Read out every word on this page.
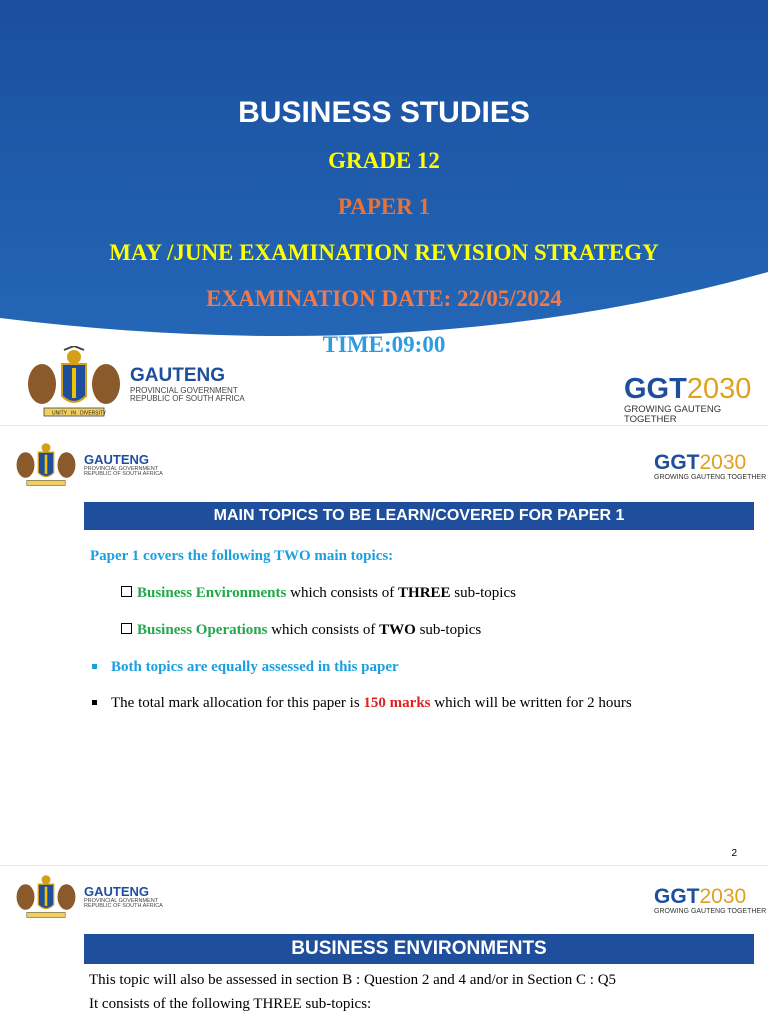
BUSINESS STUDIES

GRADE 12

PAPER 1

MAY /JUNE EXAMINATION REVISION STRATEGY

EXAMINATION DATE: 22/05/2024

TIME:09:00

UNITY IN DIVERSITY
GAUTENG
PROVINCIAL GOVERNMENT
REPUBLIC OF SOUTH AFRICA	GGT2030
GROWING GAUTENG TOGETHER
GAUTENG
PROVINCIAL GOVERNMENT
REPUBLIC OF SOUTH AFRICA	GGT2030
GROWING GAUTENG TOGETHER
MAIN TOPICS TO BE LEARN/COVERED FOR PAPER 1

Paper 1 covers the following TWO main topics:

Business Environments which consists of THREE sub-topics

Business Operations which consists of TWO sub-topics

Both topics are equally assessed in this paper

The total mark allocation for this paper is 150 marks which will be written for 2 hours

2
GAUTENG
PROVINCIAL GOVERNMENT
REPUBLIC OF SOUTH AFRICA	GGT2030
GROWING GAUTENG TOGETHER
BUSINESS ENVIRONMENTS

This topic will also be assessed in section B : Question 2 and 4 and/or in Section C : Q5

It consists of the following THREE sub-topics:
